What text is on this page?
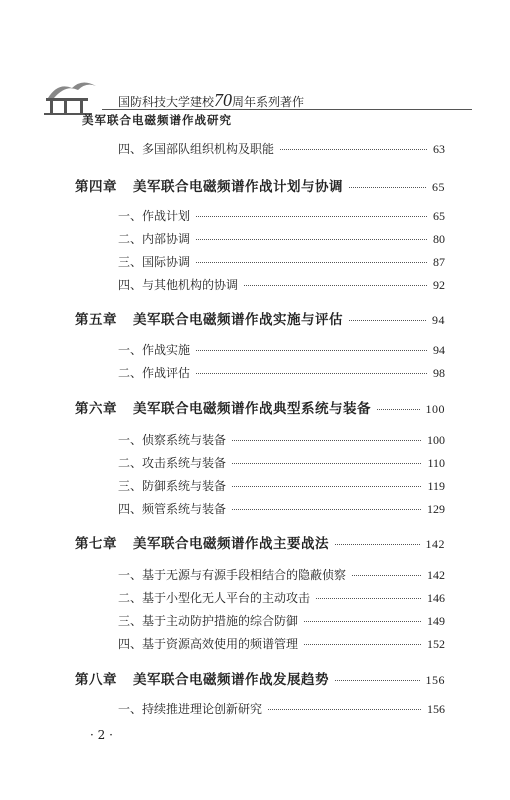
国防科技大学建校70周年系列著作
美军联合电磁频谱作战研究
四、多国部队组织机构及职能	63
第四章 美军联合电磁频谱作战计划与协调	65
一、作战计划	65
二、内部协调	80
三、国际协调	87
四、与其他机构的协调	92
第五章 美军联合电磁频谱作战实施与评估	94
一、作战实施	94
二、作战评估	98
第六章 美军联合电磁频谱作战典型系统与装备	100
一、侦察系统与装备	100
二、攻击系统与装备	110
三、防御系统与装备	119
四、频管系统与装备	129
第七章 美军联合电磁频谱作战主要战法	142
一、基于无源与有源手段相结合的隐蔽侦察	142
二、基于小型化无人平台的主动攻击	146
三、基于主动防护措施的综合防御	149
四、基于资源高效使用的频谱管理	152
第八章 美军联合电磁频谱作战发展趋势	156
一、持续推进理论创新研究	156
· 2 ·
